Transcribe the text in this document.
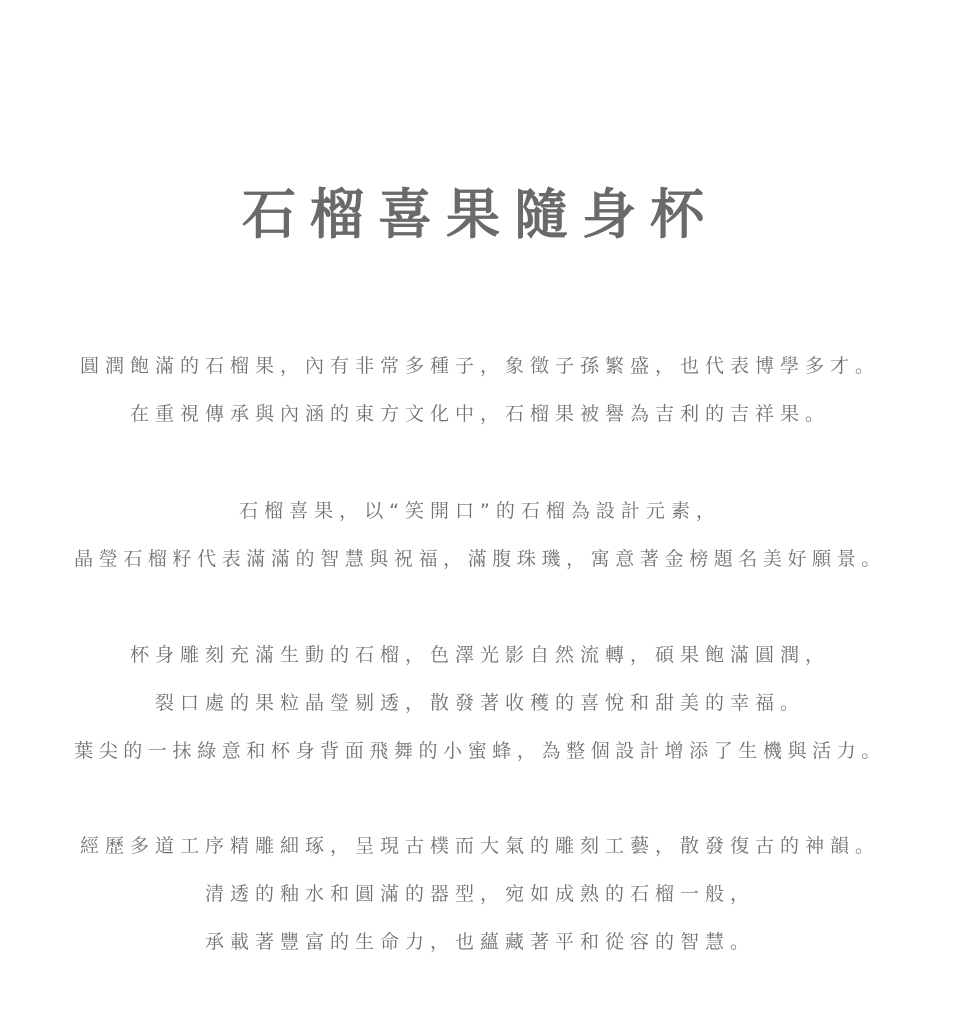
石榴喜果隨身杯
圓潤飽滿的石榴果，內有非常多種子，象徵子孫繁盛，也代表博學多才。
在重視傳承與內涵的東方文化中，石榴果被譽為吉利的吉祥果。
石榴喜果，以“笑開口”的石榴為設計元素，
晶瑩石榴籽代表滿滿的智慧與祝福，滿腹珠璣，寓意著金榜題名美好願景。
杯身雕刻充滿生動的石榴，色澤光影自然流轉，碩果飽滿圓潤，
裂口處的果粒晶瑩剔透，散發著收穫的喜悅和甜美的幸福。
葉尖的一抹綠意和杯身背面飛舞的小蜜蜂，為整個設計增添了生機與活力。
經歷多道工序精雕細琢，呈現古樸而大氣的雕刻工藝，散發復古的神韻。
清透的釉水和圓滿的器型，宛如成熟的石榴一般，
承載著豐富的生命力，也蘊藏著平和從容的智慧。
